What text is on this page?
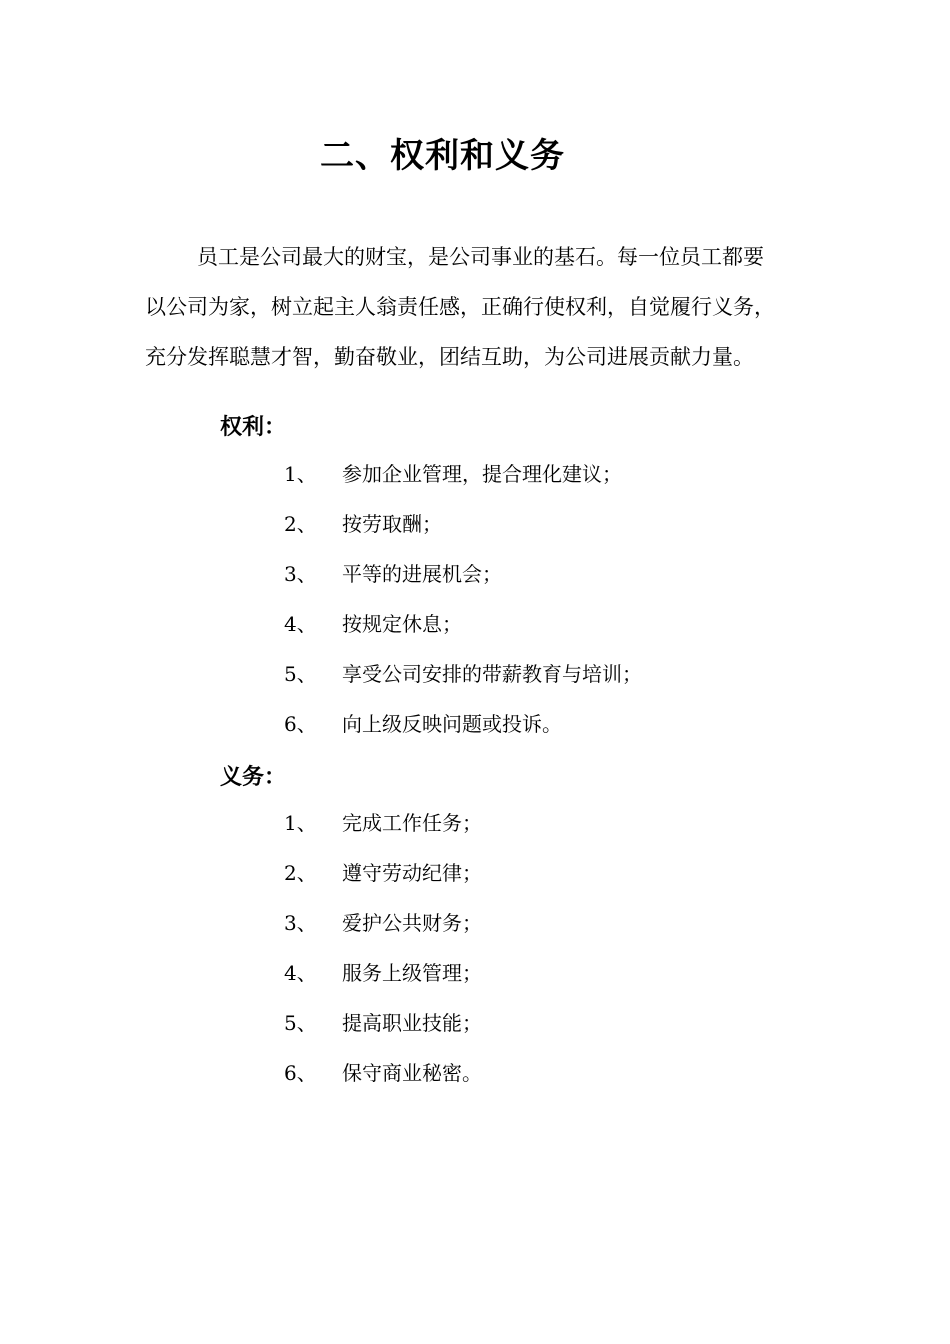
二、权利和义务

员工是公司最大的财宝，是公司事业的基石。每一位员工都要
以公司为家，树立起主人翁责任感，正确行使权利，自觉履行义务，
充分发挥聪慧才智，勤奋敬业，团结互助，为公司进展贡献力量。

权利：
1、	参加企业管理，提合理化建议；
2、	按劳取酬；
3、	平等的进展机会；
4、	按规定休息；
5、	享受公司安排的带薪教育与培训；
6、	向上级反映问题或投诉。
义务：
1、	完成工作任务；
2、	遵守劳动纪律；
3、	爱护公共财务；
4、	服务上级管理；
5、	提高职业技能；
6、	保守商业秘密。
